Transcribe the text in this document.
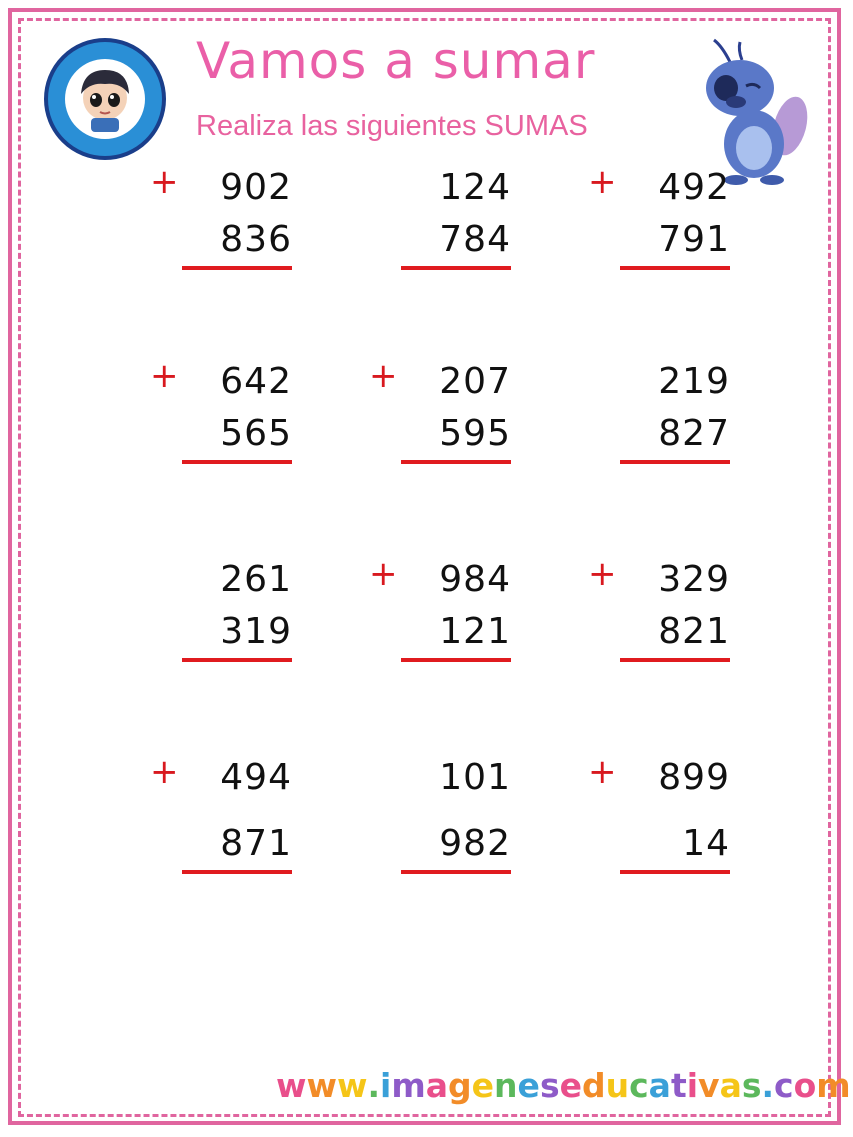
Vamos a sumar

Realiza las siguientes SUMAS

+ 902
836
124
784
+ 492
791
+ 642
565
+ 207
595
219
827
261
319
+ 984
121
+ 329
821
+ 494
871
101
982
+ 899
14

www.imageneseducativas.com
